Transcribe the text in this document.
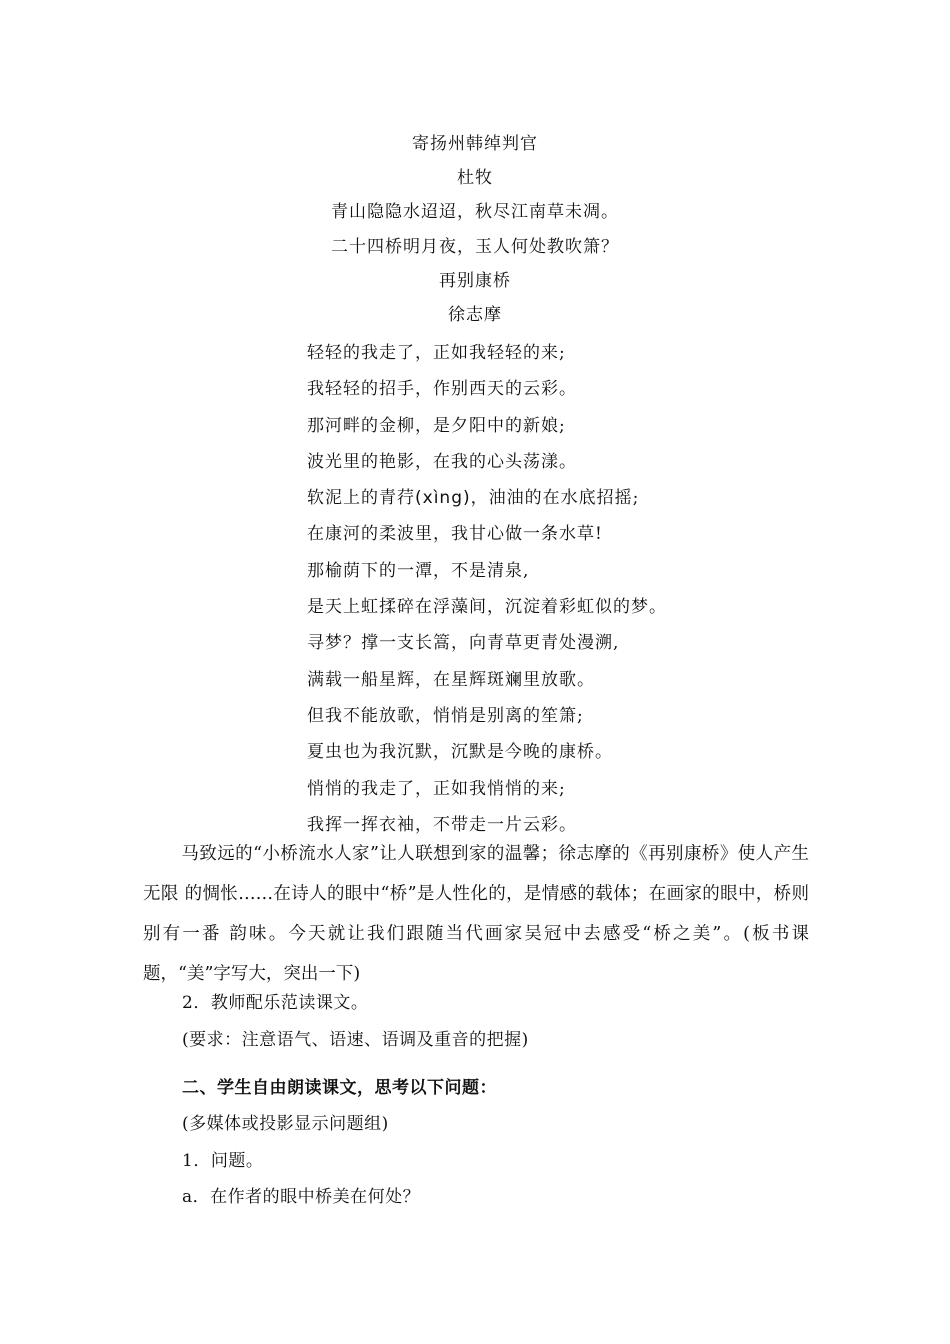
寄扬州韩绰判官
杜牧
青山隐隐水迢迢，秋尽江南草未凋。
二十四桥明月夜，玉人何处教吹箫？
再别康桥
徐志摩
轻轻的我走了，正如我轻轻的来;
我轻轻的招手，作别西天的云彩。
那河畔的金柳，是夕阳中的新娘;
波光里的艳影，在我的心头荡漾。
软泥上的青荇(xìng)，油油的在水底招摇;
在康河的柔波里，我甘心做一条水草!
那榆荫下的一潭，不是清泉,
是天上虹揉碎在浮藻间，沉淀着彩虹似的梦。
寻梦？撑一支长篙，向青草更青处漫溯,
满载一船星辉，在星辉斑斓里放歌。
但我不能放歌，悄悄是别离的笙箫;
夏虫也为我沉默，沉默是今晚的康桥。
悄悄的我走了，正如我悄悄的来;
我挥一挥衣袖，不带走一片云彩。
马致远的“小桥流水人家”让人联想到家的温馨；徐志摩的《再别康桥》使人产生无限 的惆怅……在诗人的眼中“桥”是人性化的，是情感的载体；在画家的眼中，桥则别有一番 韵味。今天就让我们跟随当代画家吴冠中去感受“桥之美”。(板书课题，“美”字写大，突出一下)
2．教师配乐范读课文。
(要求：注意语气、语速、语调及重音的把握)
二、学生自由朗读课文，思考以下问题：
(多媒体或投影显示问题组)
1．问题。
a．在作者的眼中桥美在何处？
